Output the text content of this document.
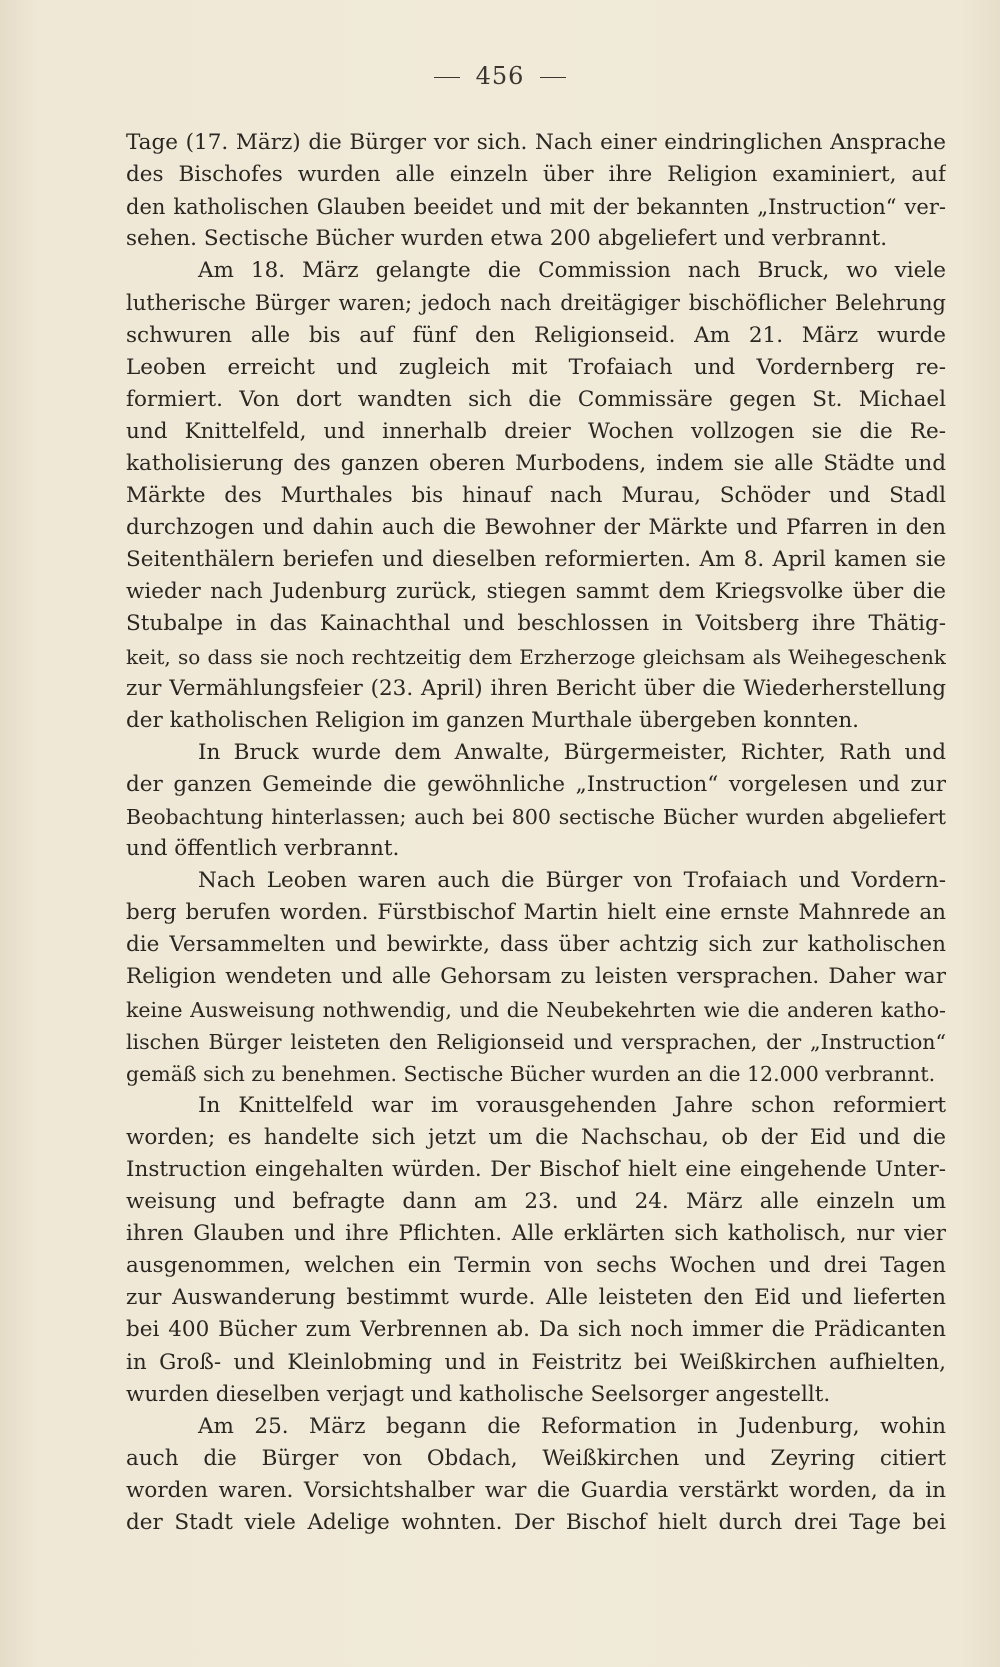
456
Tage (17. März) die Bürger vor sich. Nach einer eindringlichen Ansprache
des Bischofes wurden alle einzeln über ihre Religion examiniert, auf
den katholischen Glauben beeidet und mit der bekannten „Instruction“ ver-
sehen. Sectische Bücher wurden etwa 200 abgeliefert und verbrannt.
Am 18. März gelangte die Commission nach Bruck, wo viele
lutherische Bürger waren; jedoch nach dreitägiger bischöflicher Belehrung
schwuren alle bis auf fünf den Religionseid. Am 21. März wurde
Leoben erreicht und zugleich mit Trofaiach und Vordernberg re-
formiert. Von dort wandten sich die Commissäre gegen St. Michael
und Knittelfeld, und innerhalb dreier Wochen vollzogen sie die Re-
katholisierung des ganzen oberen Murbodens, indem sie alle Städte und
Märkte des Murthales bis hinauf nach Murau, Schöder und Stadl
durchzogen und dahin auch die Bewohner der Märkte und Pfarren in den
Seitenthälern beriefen und dieselben reformierten. Am 8. April kamen sie
wieder nach Judenburg zurück, stiegen sammt dem Kriegsvolke über die
Stubalpe in das Kainachthal und beschlossen in Voitsberg ihre Thätig-
keit, so dass sie noch rechtzeitig dem Erzherzoge gleichsam als Weihegeschenk
zur Vermählungsfeier (23. April) ihren Bericht über die Wiederherstellung
der katholischen Religion im ganzen Murthale übergeben konnten.
In Bruck wurde dem Anwalte, Bürgermeister, Richter, Rath und
der ganzen Gemeinde die gewöhnliche „Instruction“ vorgelesen und zur
Beobachtung hinterlassen; auch bei 800 sectische Bücher wurden abgeliefert
und öffentlich verbrannt.
Nach Leoben waren auch die Bürger von Trofaiach und Vordern-
berg berufen worden. Fürstbischof Martin hielt eine ernste Mahnrede an
die Versammelten und bewirkte, dass über achtzig sich zur katholischen
Religion wendeten und alle Gehorsam zu leisten versprachen. Daher war
keine Ausweisung nothwendig, und die Neubekehrten wie die anderen katho-
lischen Bürger leisteten den Religionseid und versprachen, der „Instruction“
gemäß sich zu benehmen. Sectische Bücher wurden an die 12.000 verbrannt.
In Knittelfeld war im vorausgehenden Jahre schon reformiert
worden; es handelte sich jetzt um die Nachschau, ob der Eid und die
Instruction eingehalten würden. Der Bischof hielt eine eingehende Unter-
weisung und befragte dann am 23. und 24. März alle einzeln um
ihren Glauben und ihre Pflichten. Alle erklärten sich katholisch, nur vier
ausgenommen, welchen ein Termin von sechs Wochen und drei Tagen
zur Auswanderung bestimmt wurde. Alle leisteten den Eid und lieferten
bei 400 Bücher zum Verbrennen ab. Da sich noch immer die Prädicanten
in Groß- und Kleinlobming und in Feistritz bei Weißkirchen aufhielten,
wurden dieselben verjagt und katholische Seelsorger angestellt.
Am 25. März begann die Reformation in Judenburg, wohin
auch die Bürger von Obdach, Weißkirchen und Zeyring citiert
worden waren. Vorsichtshalber war die Guardia verstärkt worden, da in
der Stadt viele Adelige wohnten. Der Bischof hielt durch drei Tage bei
